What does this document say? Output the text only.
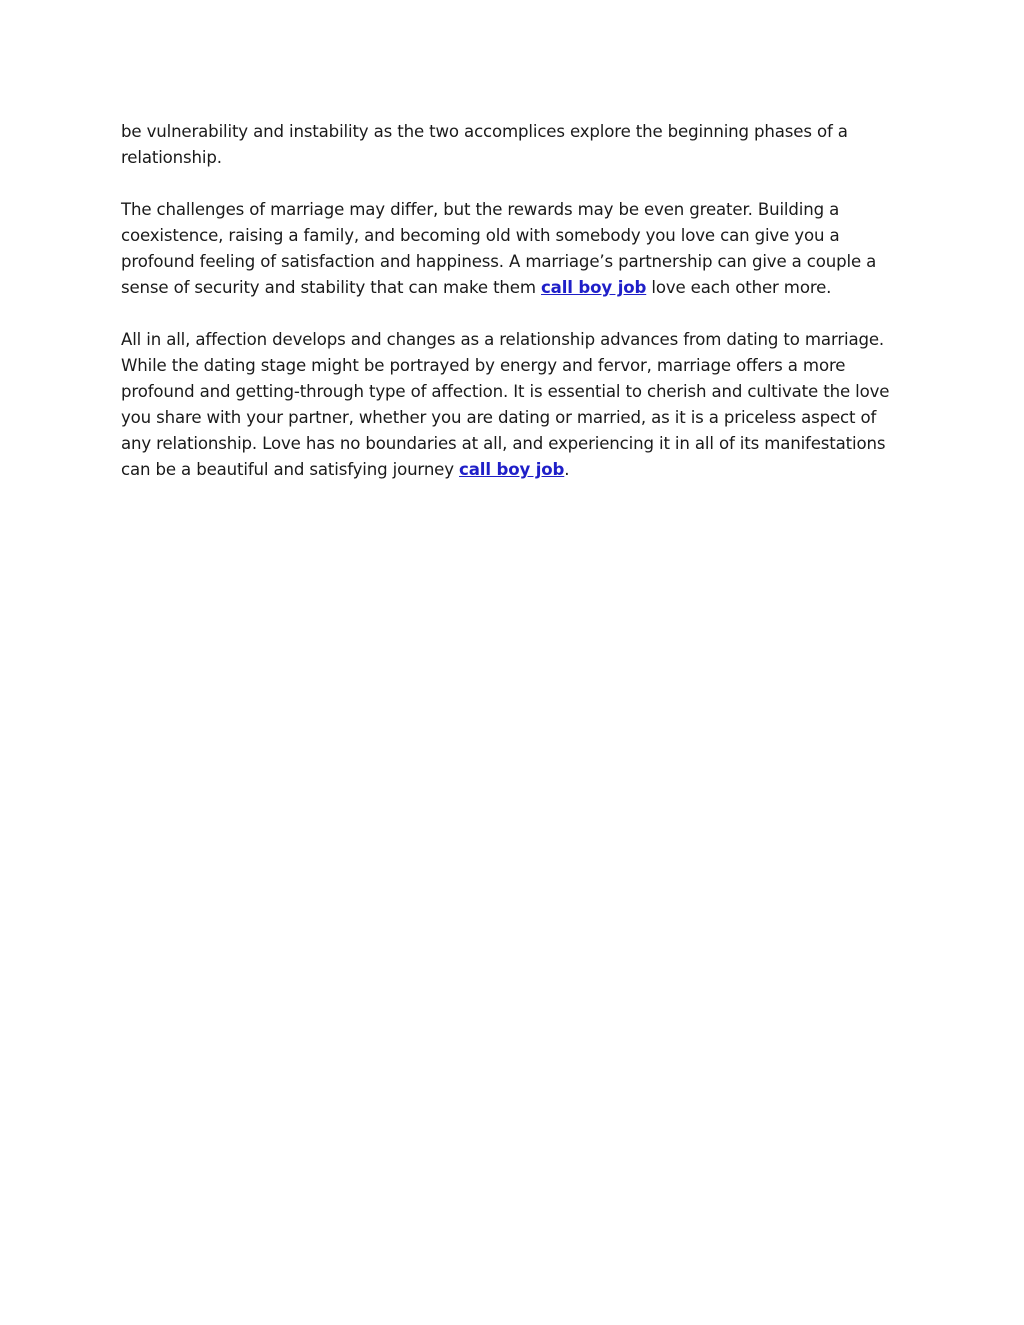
be vulnerability and instability as the two accomplices explore the beginning phases of a relationship.

The challenges of marriage may differ, but the rewards may be even greater. Building a coexistence, raising a family, and becoming old with somebody you love can give you a profound feeling of satisfaction and happiness. A marriage’s partnership can give a couple a sense of security and stability that can make them call boy job love each other more.

All in all, affection develops and changes as a relationship advances from dating to marriage. While the dating stage might be portrayed by energy and fervor, marriage offers a more profound and getting-through type of affection. It is essential to cherish and cultivate the love you share with your partner, whether you are dating or married, as it is a priceless aspect of any relationship. Love has no boundaries at all, and experiencing it in all of its manifestations can be a beautiful and satisfying journey call boy job.
